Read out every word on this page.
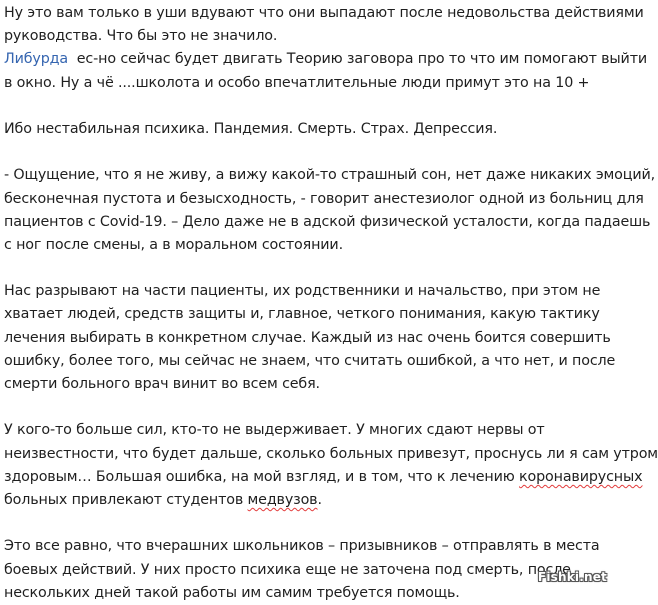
Ну это вам только в уши вдувают что они выпадают после недовольства действиями
руководства. Что бы это не значило.
Либурда  ес-но сейчас будет двигать Теорию заговора про то что им помогают выйти
в окно. Ну а чё ....школота и особо впечатлительные люди примут это на 10 +
Ибо нестабильная психика. Пандемия. Смерть. Страх. Депрессия.
- Ощущение, что я не живу, а вижу какой-то страшный сон, нет даже никаких эмоций,
бесконечная пустота и безысходность, - говорит анестезиолог одной из больниц для
пациентов с Covid-19. – Дело даже не в адской физической усталости, когда падаешь
с ног после смены, а в моральном состоянии.
Нас разрывают на части пациенты, их родственники и начальство, при этом не
хватает людей, средств защиты и, главное, четкого понимания, какую тактику
лечения выбирать в конкретном случае. Каждый из нас очень боится совершить
ошибку, более того, мы сейчас не знаем, что считать ошибкой, а что нет, и после
смерти больного врач винит во всем себя.
У кого-то больше сил, кто-то не выдерживает. У многих сдают нервы от
неизвестности, что будет дальше, сколько больных привезут, проснусь ли я сам утром
здоровым… Большая ошибка, на мой взгляд, и в том, что к лечению коронавирусных
больных привлекают студентов медвузов.
Это все равно, что вчерашних школьников – призывников – отправлять в места
боевых действий. У них просто психика еще не заточена под смерть, после
нескольких дней такой работы им самим требуется помощь.
Fishki.net
